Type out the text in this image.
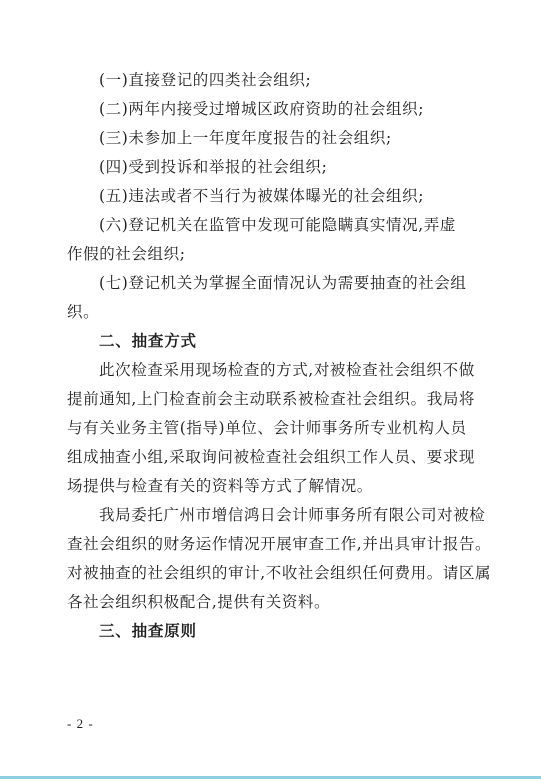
(一)直接登记的四类社会组织;
(二)两年内接受过增城区政府资助的社会组织;
(三)未参加上一年度年度报告的社会组织;
(四)受到投诉和举报的社会组织;
(五)违法或者不当行为被媒体曝光的社会组织;
(六)登记机关在监管中发现可能隐瞒真实情况,弄虚
作假的社会组织;
(七)登记机关为掌握全面情况认为需要抽查的社会组
织。
二、抽查方式
此次检查采用现场检查的方式,对被检查社会组织不做
提前通知,上门检查前会主动联系被检查社会组织。我局将
与有关业务主管(指导)单位、会计师事务所专业机构人员
组成抽查小组,采取询问被检查社会组织工作人员、要求现
场提供与检查有关的资料等方式了解情况。
我局委托广州市增信鸿日会计师事务所有限公司对被检
查社会组织的财务运作情况开展审查工作,并出具审计报告。
对被抽查的社会组织的审计,不收社会组织任何费用。请区属
各社会组织积极配合,提供有关资料。
三、抽查原则
- 2 -
